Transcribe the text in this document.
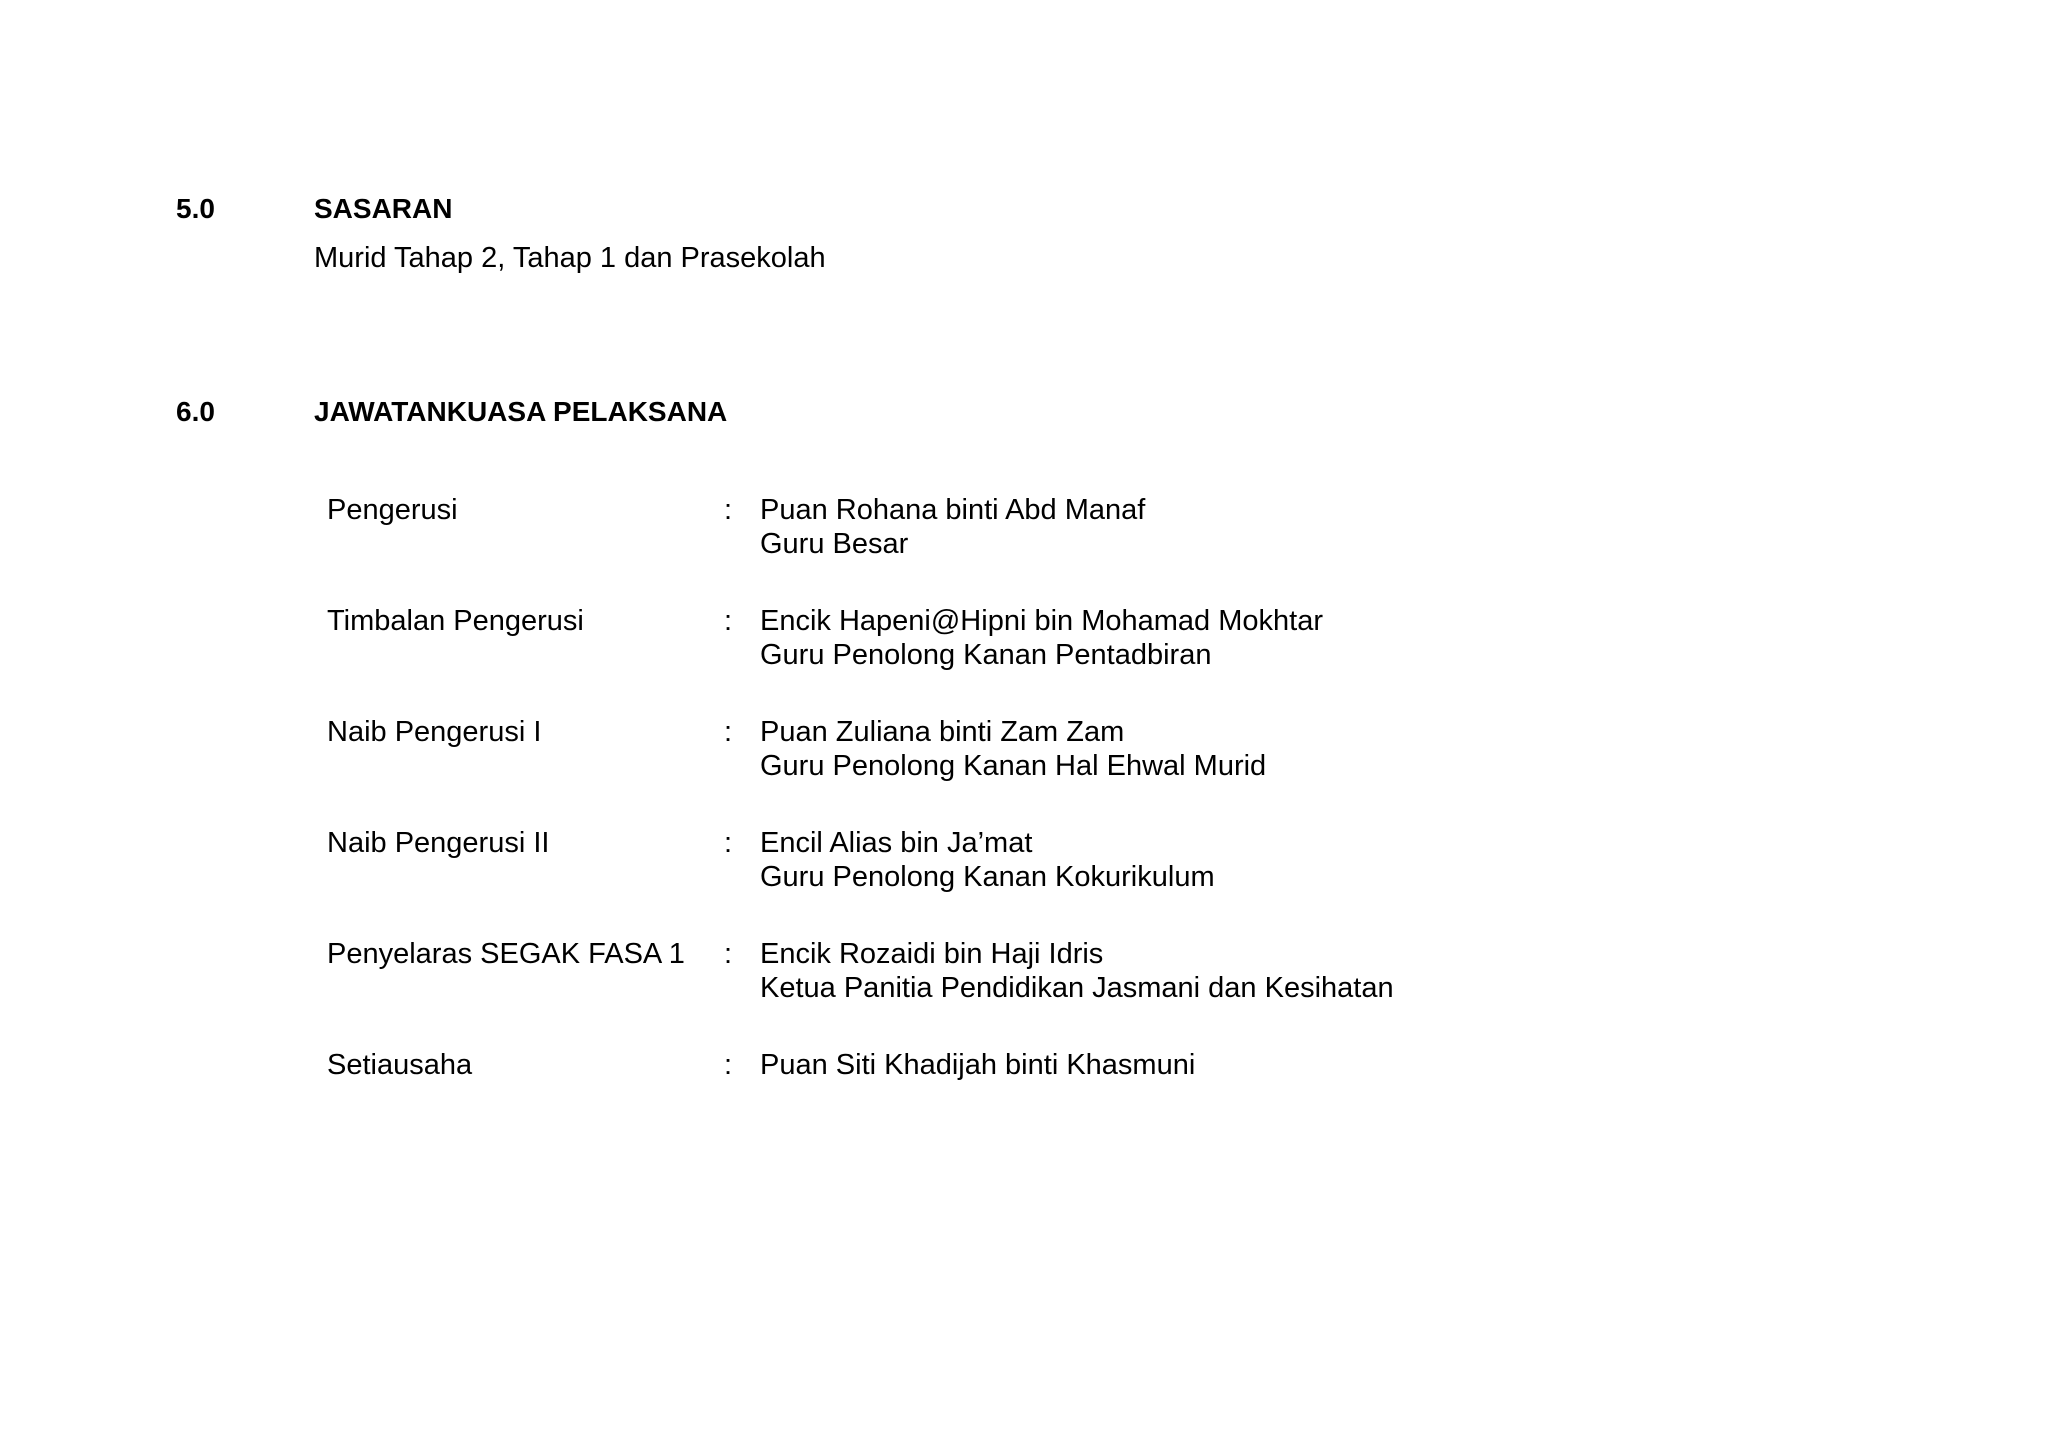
5.0	SASARAN
Murid Tahap 2, Tahap 1 dan Prasekolah
6.0	JAWATANKUASA PELAKSANA
Pengerusi	: Puan Rohana binti Abd Manaf
Guru Besar
Timbalan Pengerusi	: Encik Hapeni@Hipni bin Mohamad Mokhtar
Guru Penolong Kanan Pentadbiran
Naib Pengerusi I	: Puan Zuliana binti Zam Zam
Guru Penolong Kanan Hal Ehwal Murid
Naib Pengerusi II	: Encil Alias bin Ja’mat
Guru Penolong Kanan Kokurikulum
Penyelaras SEGAK FASA 1 : Encik Rozaidi bin Haji Idris
Ketua Panitia Pendidikan Jasmani dan Kesihatan
Setiausaha	: Puan Siti Khadijah binti Khasmuni
